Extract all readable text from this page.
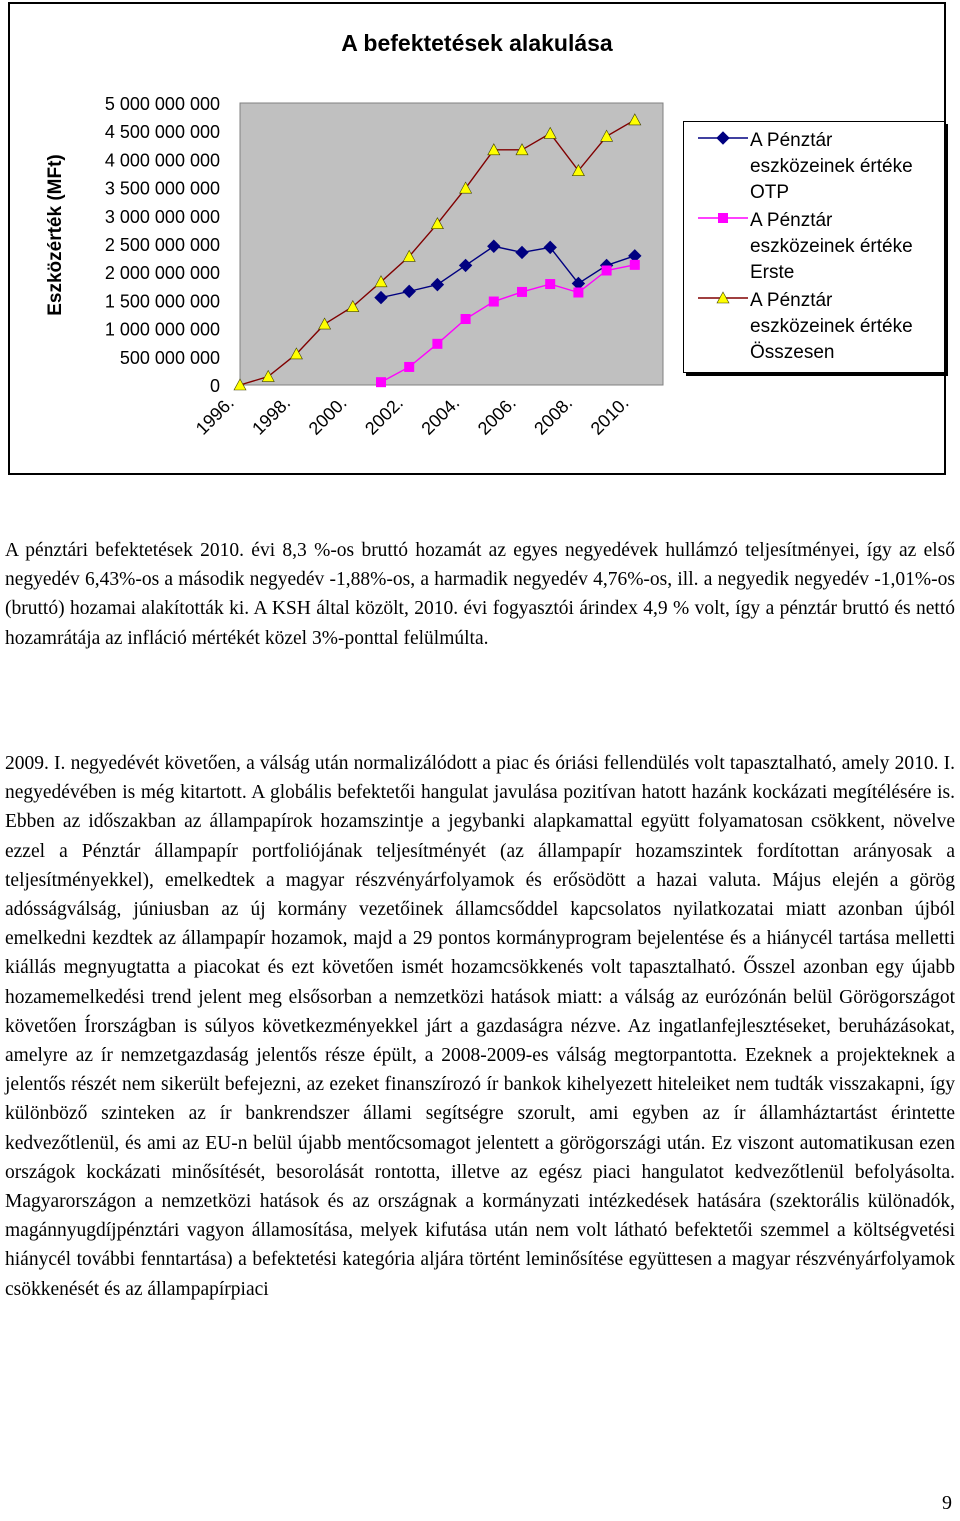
A befektetések alakulása
Eszközérték (MFt)
5 000 000 000
4 500 000 000
4 000 000 000
3 500 000 000
3 000 000 000
2 500 000 000
2 000 000 000
1 500 000 000
1 000 000 000
500 000 000
0
1996. 1998. 2000. 2002. 2004. 2006. 2008. 2010.
A Pénztár eszközeinek értéke OTP
A Pénztár eszközeinek értéke Erste
A Pénztár eszközeinek értéke Összesen
A pénztári befektetések 2010. évi 8,3 %-os bruttó hozamát az egyes negyedévek hullámzó teljesítményei, így az első negyedév 6,43%-os a második negyedév -1,88%-os, a harmadik negyedév 4,76%-os, ill. a negyedik negyedév -1,01%-os (bruttó) hozamai alakították ki. A KSH által közölt, 2010. évi fogyasztói árindex 4,9 % volt, így a pénztár bruttó és nettó hozamrátája az infláció mértékét közel 3%-ponttal felülmúlta.
2009. I. negyedévét követően, a válság után normalizálódott a piac és óriási fellendülés volt tapasztalható, amely 2010. I. negyedévében is még kitartott. A globális befektetői hangulat javulása pozitívan hatott hazánk kockázati megítélésére is. Ebben az időszakban az állampapírok hozamszintje a jegybanki alapkamattal együtt folyamatosan csökkent, növelve ezzel a Pénztár állampapír portfoliójának teljesítményét (az állampapír hozamszintek fordítottan arányosak a teljesítményekkel), emelkedtek a magyar részvényárfolyamok és erősödött a hazai valuta. Május elején a görög adósságválság, júniusban az új kormány vezetőinek államcsőddel kapcsolatos nyilatkozatai miatt azonban újból emelkedni kezdtek az állampapír hozamok, majd a 29 pontos kormányprogram bejelentése és a hiánycél tartása melletti kiállás megnyugtatta a piacokat és ezt követően ismét hozamcsökkenés volt tapasztalható. Ősszel azonban egy újabb hozamemelkedési trend jelent meg elsősorban a nemzetközi hatások miatt: a válság az eurózónán belül Görögországot követően Írországban is súlyos következményekkel járt a gazdaságra nézve. Az ingatlanfejlesztéseket, beruházásokat, amelyre az ír nemzetgazdaság jelentős része épült, a 2008-2009-es válság megtorpantotta. Ezeknek a projekteknek a jelentős részét nem sikerült befejezni, az ezeket finanszírozó ír bankok kihelyezett hiteleiket nem tudták visszakapni, így különböző szinteken az ír bankrendszer állami segítségre szorult, ami egyben az ír államháztartást érintette kedvezőtlenül, és ami az EU-n belül újabb mentőcsomagot jelentett a görögországi után. Ez viszont automatikusan ezen országok kockázati minősítését, besorolását rontotta, illetve az egész piaci hangulatot kedvezőtlenül befolyásolta. Magyarországon a nemzetközi hatások és az országnak a kormányzati intézkedések hatására (szektorális különadók, magánnyugdíjpénztári vagyon államosítása, melyek kifutása után nem volt látható befektetői szemmel a költségvetési hiánycél további fenntartása) a befektetési kategória aljára történt leminősítése együttesen a magyar részvényárfolyamok csökkenését és az állampapírpiaci
9
